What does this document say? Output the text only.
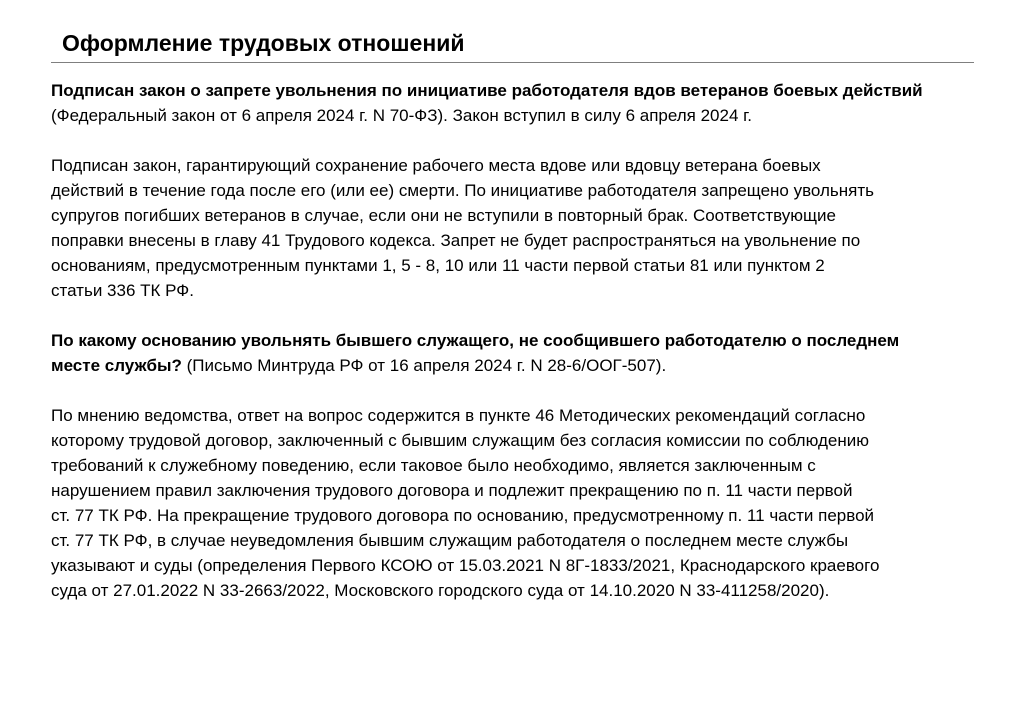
Оформление трудовых отношений

Подписан закон о запрете увольнения по инициативе работодателя вдов ветеранов боевых действий
(Федеральный закон от 6 апреля 2024 г. N 70-ФЗ). Закон вступил в силу 6 апреля 2024 г.

Подписан закон, гарантирующий сохранение рабочего места вдове или вдовцу ветерана боевых
действий в течение года после его (или ее) смерти. По инициативе работодателя запрещено увольнять
супругов погибших ветеранов в случае, если они не вступили в повторный брак. Соответствующие
поправки внесены в главу 41 Трудового кодекса. Запрет не будет распространяться на увольнение по
основаниям, предусмотренным пунктами 1, 5 - 8, 10 или 11 части первой статьи 81 или пунктом 2
статьи 336 ТК РФ.

По какому основанию увольнять бывшего служащего, не сообщившего работодателю о последнем
месте службы? (Письмо Минтруда РФ от 16 апреля 2024 г. N 28-6/ООГ-507).

По мнению ведомства, ответ на вопрос содержится в пункте 46 Методических рекомендаций согласно
которому трудовой договор, заключенный с бывшим служащим без согласия комиссии по соблюдению
требований к служебному поведению, если таковое было необходимо, является заключенным с
нарушением правил заключения трудового договора и подлежит прекращению по п. 11 части первой
ст. 77 ТК РФ. На прекращение трудового договора по основанию, предусмотренному п. 11 части первой
ст. 77 ТК РФ, в случае неуведомления бывшим служащим работодателя о последнем месте службы
указывают и суды (определения Первого КСОЮ от 15.03.2021 N 8Г-1833/2021, Краснодарского краевого
суда от 27.01.2022 N 33-2663/2022, Московского городского суда от 14.10.2020 N 33-411258/2020).
